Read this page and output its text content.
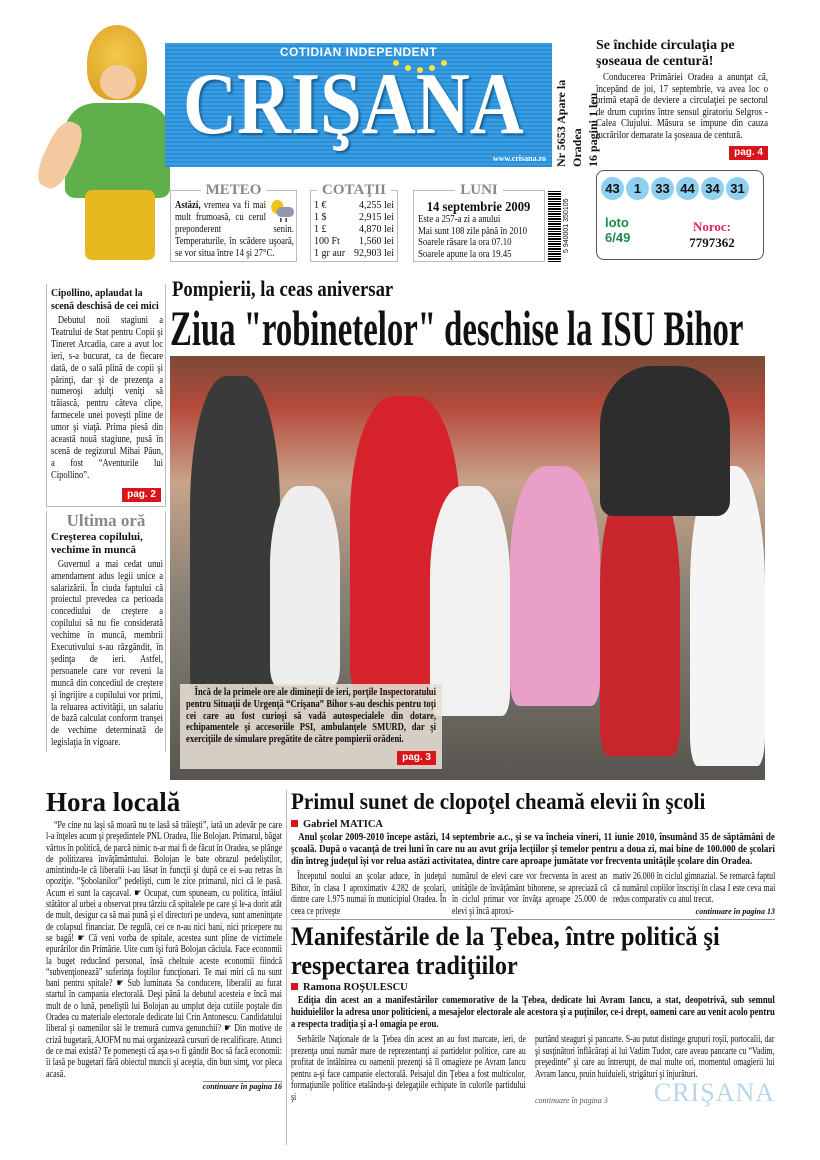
COTIDIAN INDEPENDENT
CRIŞANA
www.crisana.ro Nr 5653 Apare la Oradea 16 pagini 1 leu
METEO
Astăzi, vremea va fi mai mult frumoasă, cu cerul preponderent senin. Temperaturile, în scădere uşoară, se vor situa între 14 şi 27°C.
COTAŢII
1 €	4,255 lei
1 $	2,915 lei
1 £	4,870 lei
100 Ft 1,560 lei
1 gr aur 92,903 lei
LUNI
14 septembrie 2009
Este a 257-a zi a anului
Mai sunt 108 zile până în 2010
Soarele răsare la ora 07.10
Soarele apune la ora 19.45
5 940001 350105
Se închide circulaţia pe şoseaua de centură!
Conducerea Primăriei Oradea a anunţat că, începând de joi, 17 septembrie, va avea loc o primă etapă de deviere a circulaţiei pe sectorul de drum cuprins între sensul giratoriu Selgros - Calea Clujului. Măsura se impune din cauza lucrărilor demarate la şoseaua de centură.
pag. 4
43 1 33 44 34 31
loto 6/49
Noroc:
7797362
Cipollino, aplaudat la scenă deschisă de cei mici
Debutul noii stagiuni a Teatrului de Stat pentru Copii şi Tineret Arcadia, care a avut loc ieri, s-a bucurat, ca de fiecare dată, de o sală plină de copii şi părinţi, dar şi de prezenţa a numeroşi adulţi veniţi să trăiască, pentru câteva clipe, farmecele unei poveşti pline de umor şi viaţă. Prima piesă din această nouă stagiune, pusă în scenă de regizorul Mihai Păun, a fost “Aventurile lui Cipollino”.
pag. 2
Ultima oră
Creşterea copilului, vechime în muncă
Guvernul a mai cedat unui amendament adus legii unice a salarizării. În ciuda faptului că proiectul prevedea ca perioada concediului de creştere a copilului să nu fie considerată vechime în muncă, membrii Executivului s-au răzgândit, în şedinţa de ieri. Astfel, persoanele care vor reveni la muncă din concediul de creştere şi îngrijire a copilului vor primi, la reluarea activităţii, un salariu de bază calculat conform tranşei de vechime determinată de legislaţia în vigoare.
Pompierii, la ceas aniversar
Ziua "robinetelor" deschise la ISU Bihor
Încă de la primele ore ale dimineţii de ieri, porţile Inspectoratului pentru Situaţii de Urgenţă “Crişana” Bihor s-au deschis pentru toţi cei care au fost curioşi să vadă autospecialele din dotare, echipamentele şi accesoriile PSI, ambulanţele SMURD, dar şi exerciţiile de simulare pregătite de către pompierii orădeni.
pag. 3
Hora locală
“Pe cine nu laşi să moară nu te lasă să trăieşti”, iată un adevăr pe care l-a înţeles acum şi preşedintele PNL Oradea, Ilie Bolojan. Primarul, băgat vârtos în politică, de parcă nimic n-ar mai fi de făcut în Oradea, se plânge de politizarea învăţământului. Bolojan le bate obrazul pedeliştilor, amintindu-le că liberalii i-au lăsat în funcţii şi după ce ei s-au retras în opoziţie. “Şobolanilor” pedelişti, cum le zice primarul, nici că le pasă. Acum ei sunt la caşcaval. ☛ Ocupat, cum spuneam, cu politica, întâiul stătător al urbei a observat prea târziu că spitalele pe care şi le-a dorit atât de mult, desigur ca să mai pună şi el directori pe undeva, sunt ameninţate de colapsul financiar. De regulă, cei ce n-au nici bani, nici pricepere nu se bagă! ☛ Că veni vorba de spitale, acestea sunt pline de victimele epurărilor din Primărie. Uite cum îşi fură Bolojan căciula. Face economii la buget reducând personal, însă cheltuie aceste economii fiindcă “subvenţionează” suferinţa foştilor funcţionari. Te mai miri că nu sunt bani pentru spitale? ☛ Sub luminata Sa conducere, liberalii au furat startul în campania electorală. Deşi până la debutul acesteia e încă mai mult de o lună, peneliştii lui Bolojan au umplut deja cutiile poştale din Oradea cu materiale electorale dedicate lui Crin Antonescu. Candidatului liberal şi oamenilor săi le tremură cumva genunchii? ☛ Din motive de criză bugetară, AJOFM nu mai organizează cursuri de recalificare. Atunci de ce mai există? Te pomeneşti că aşa s-o fi gândit Boc să facă economii: îi lasă pe bugetari fără obiectul muncii şi aceştia, din bun simţ, vor pleca acasă.
continuare în pagina 16
Primul sunet de clopoţel cheamă elevii în şcoli
Gabriel MATICA
Anul şcolar 2009-2010 începe astăzi, 14 septembrie a.c., şi se va încheia vineri, 11 iunie 2010, însumând 35 de săptămâni de şcoală. După o vacanţă de trei luni în care nu au avut grija lecţiilor şi temelor pentru a doua zi, mai bine de 100.000 de şcolari din întreg judeţul îşi vor relua astăzi activitatea, dintre care aproape jumătate vor frecventa unităţile şcolare din Oradea.
Începutul noului an şcolar aduce, în judeţul Bihor, în clasa I aproximativ 4.282 de şcolari, dintre care 1.975 numai în municipiul Oradea. În ceea ce priveşte
numărul de elevi care vor frecventa în acest an unităţile de învăţământ bihorene, se apreciază că în ciclul primar vor învăţa aproape 25.000 de elevi şi încă aproxi-
mativ 26.000 în ciclul gimnazial. Se remarcă faptul că numărul copiilor înscrişi în clasa I este ceva mai redus comparativ cu anul trecut.
continuare în pagina 13
Manifestările de la Ţebea, între politică şi respectarea tradiţiilor
Ramona ROŞULESCU
Ediţia din acest an a manifestărilor comemorative de la Ţebea, dedicate lui Avram Iancu, a stat, deopotrivă, sub semnul huiduielilor la adresa unor politicieni, a mesajelor electorale ale acestora şi a puţinilor, ce-i drept, oameni care au venit acolo pentru a respecta tradiţia şi a-l omagia pe erou.
Serbările Naţionale de la Ţebea din acest an au fost marcate, ieri, de prezenţa unui număr mare de reprezentanţi ai partidelor politice, care au profitat de întâlnirea cu oamenii prezenţi să îl omagieze pe Avram Iancu pentru a-şi face campanie electorală. Peisajul din Ţebea a fost multicolor, formaţiunile politice etalându-şi delegaţiile echipate în culorile partidului şi
purtând steaguri şi pancarte. S-au putut distinge grupuri roşii, portocalii, dar şi susţinători înflăcăraţi ai lui Vadim Tudor, care aveau pancarte cu “Vadim, preşedinte” şi care au întrerupt, de mai multe ori, momentul omagierii lui Avram Iancu, pruin huiduieli, strigături şi înjurături.
continuare în pagina 3 CRIŞANA
